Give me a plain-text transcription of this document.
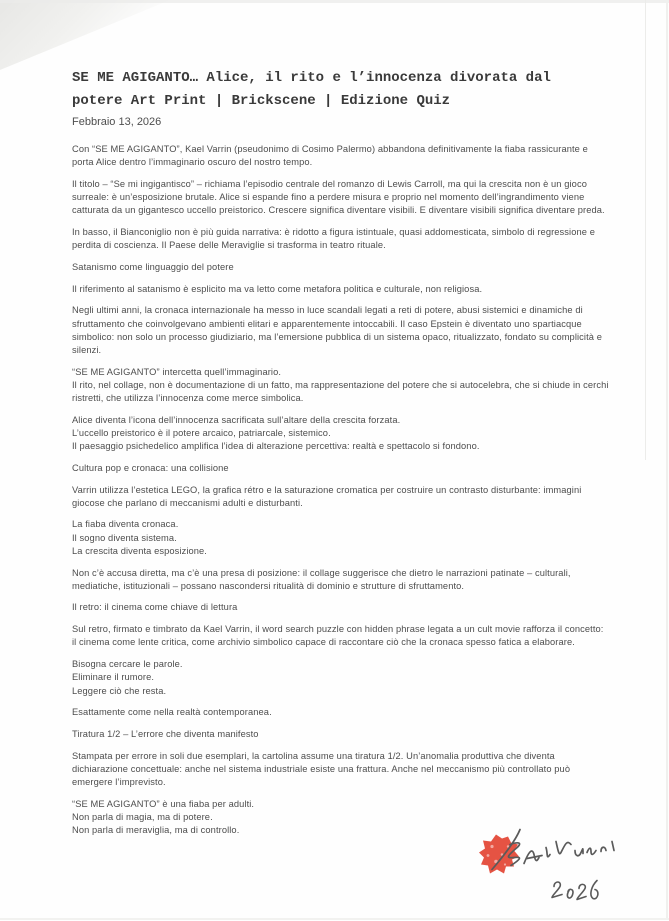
SE ME AGIGANTO… Alice, il rito e l’innocenza divorata dal potere Art Print | Brickscene | Edizione Quiz
Febbraio 13, 2026
Con “SE ME AGIGANTO”, Kael Varrin (pseudonimo di Cosimo Palermo) abbandona definitivamente la fiaba rassicurante e
porta Alice dentro l’immaginario oscuro del nostro tempo.
Il titolo – “Se mi ingigantisco” – richiama l’episodio centrale del romanzo di Lewis Carroll, ma qui la crescita non è un gioco
surreale: è un’esposizione brutale. Alice si espande fino a perdere misura e proprio nel momento dell’ingrandimento viene
catturata da un gigantesco uccello preistorico. Crescere significa diventare visibili. E diventare visibili significa diventare preda.
In basso, il Bianconiglio non è più guida narrativa: è ridotto a figura istintuale, quasi addomesticata, simbolo di regressione e
perdita di coscienza. Il Paese delle Meraviglie si trasforma in teatro rituale.
Satanismo come linguaggio del potere
Il riferimento al satanismo è esplicito ma va letto come metafora politica e culturale, non religiosa.
Negli ultimi anni, la cronaca internazionale ha messo in luce scandali legati a reti di potere, abusi sistemici e dinamiche di
sfruttamento che coinvolgevano ambienti elitari e apparentemente intoccabili. Il caso Epstein è diventato uno spartiacque
simbolico: non solo un processo giudiziario, ma l’emersione pubblica di un sistema opaco, ritualizzato, fondato su complicità e
silenzi.
“SE ME AGIGANTO” intercetta quell’immaginario.
Il rito, nel collage, non è documentazione di un fatto, ma rappresentazione del potere che si autocelebra, che si chiude in cerchi
ristretti, che utilizza l’innocenza come merce simbolica.
Alice diventa l’icona dell’innocenza sacrificata sull’altare della crescita forzata.
L’uccello preistorico è il potere arcaico, patriarcale, sistemico.
Il paesaggio psichedelico amplifica l’idea di alterazione percettiva: realtà e spettacolo si fondono.
Cultura pop e cronaca: una collisione
Varrin utilizza l’estetica LEGO, la grafica rétro e la saturazione cromatica per costruire un contrasto disturbante: immagini
giocose che parlano di meccanismi adulti e disturbanti.
La fiaba diventa cronaca.
Il sogno diventa sistema.
La crescita diventa esposizione.
Non c’è accusa diretta, ma c’è una presa di posizione: il collage suggerisce che dietro le narrazioni patinate – culturali,
mediatiche, istituzionali – possano nascondersi ritualità di dominio e strutture di sfruttamento.
Il retro: il cinema come chiave di lettura
Sul retro, firmato e timbrato da Kael Varrin, il word search puzzle con hidden phrase legata a un cult movie rafforza il concetto:
il cinema come lente critica, come archivio simbolico capace di raccontare ciò che la cronaca spesso fatica a elaborare.
Bisogna cercare le parole.
Eliminare il rumore.
Leggere ciò che resta.
Esattamente come nella realtà contemporanea.
Tiratura 1/2 – L’errore che diventa manifesto
Stampata per errore in soli due esemplari, la cartolina assume una tiratura 1/2. Un’anomalia produttiva che diventa
dichiarazione concettuale: anche nel sistema industriale esiste una frattura. Anche nel meccanismo più controllato può
emergere l’imprevisto.
“SE ME AGIGANTO” è una fiaba per adulti.
Non parla di magia, ma di potere.
Non parla di meraviglia, ma di controllo.
